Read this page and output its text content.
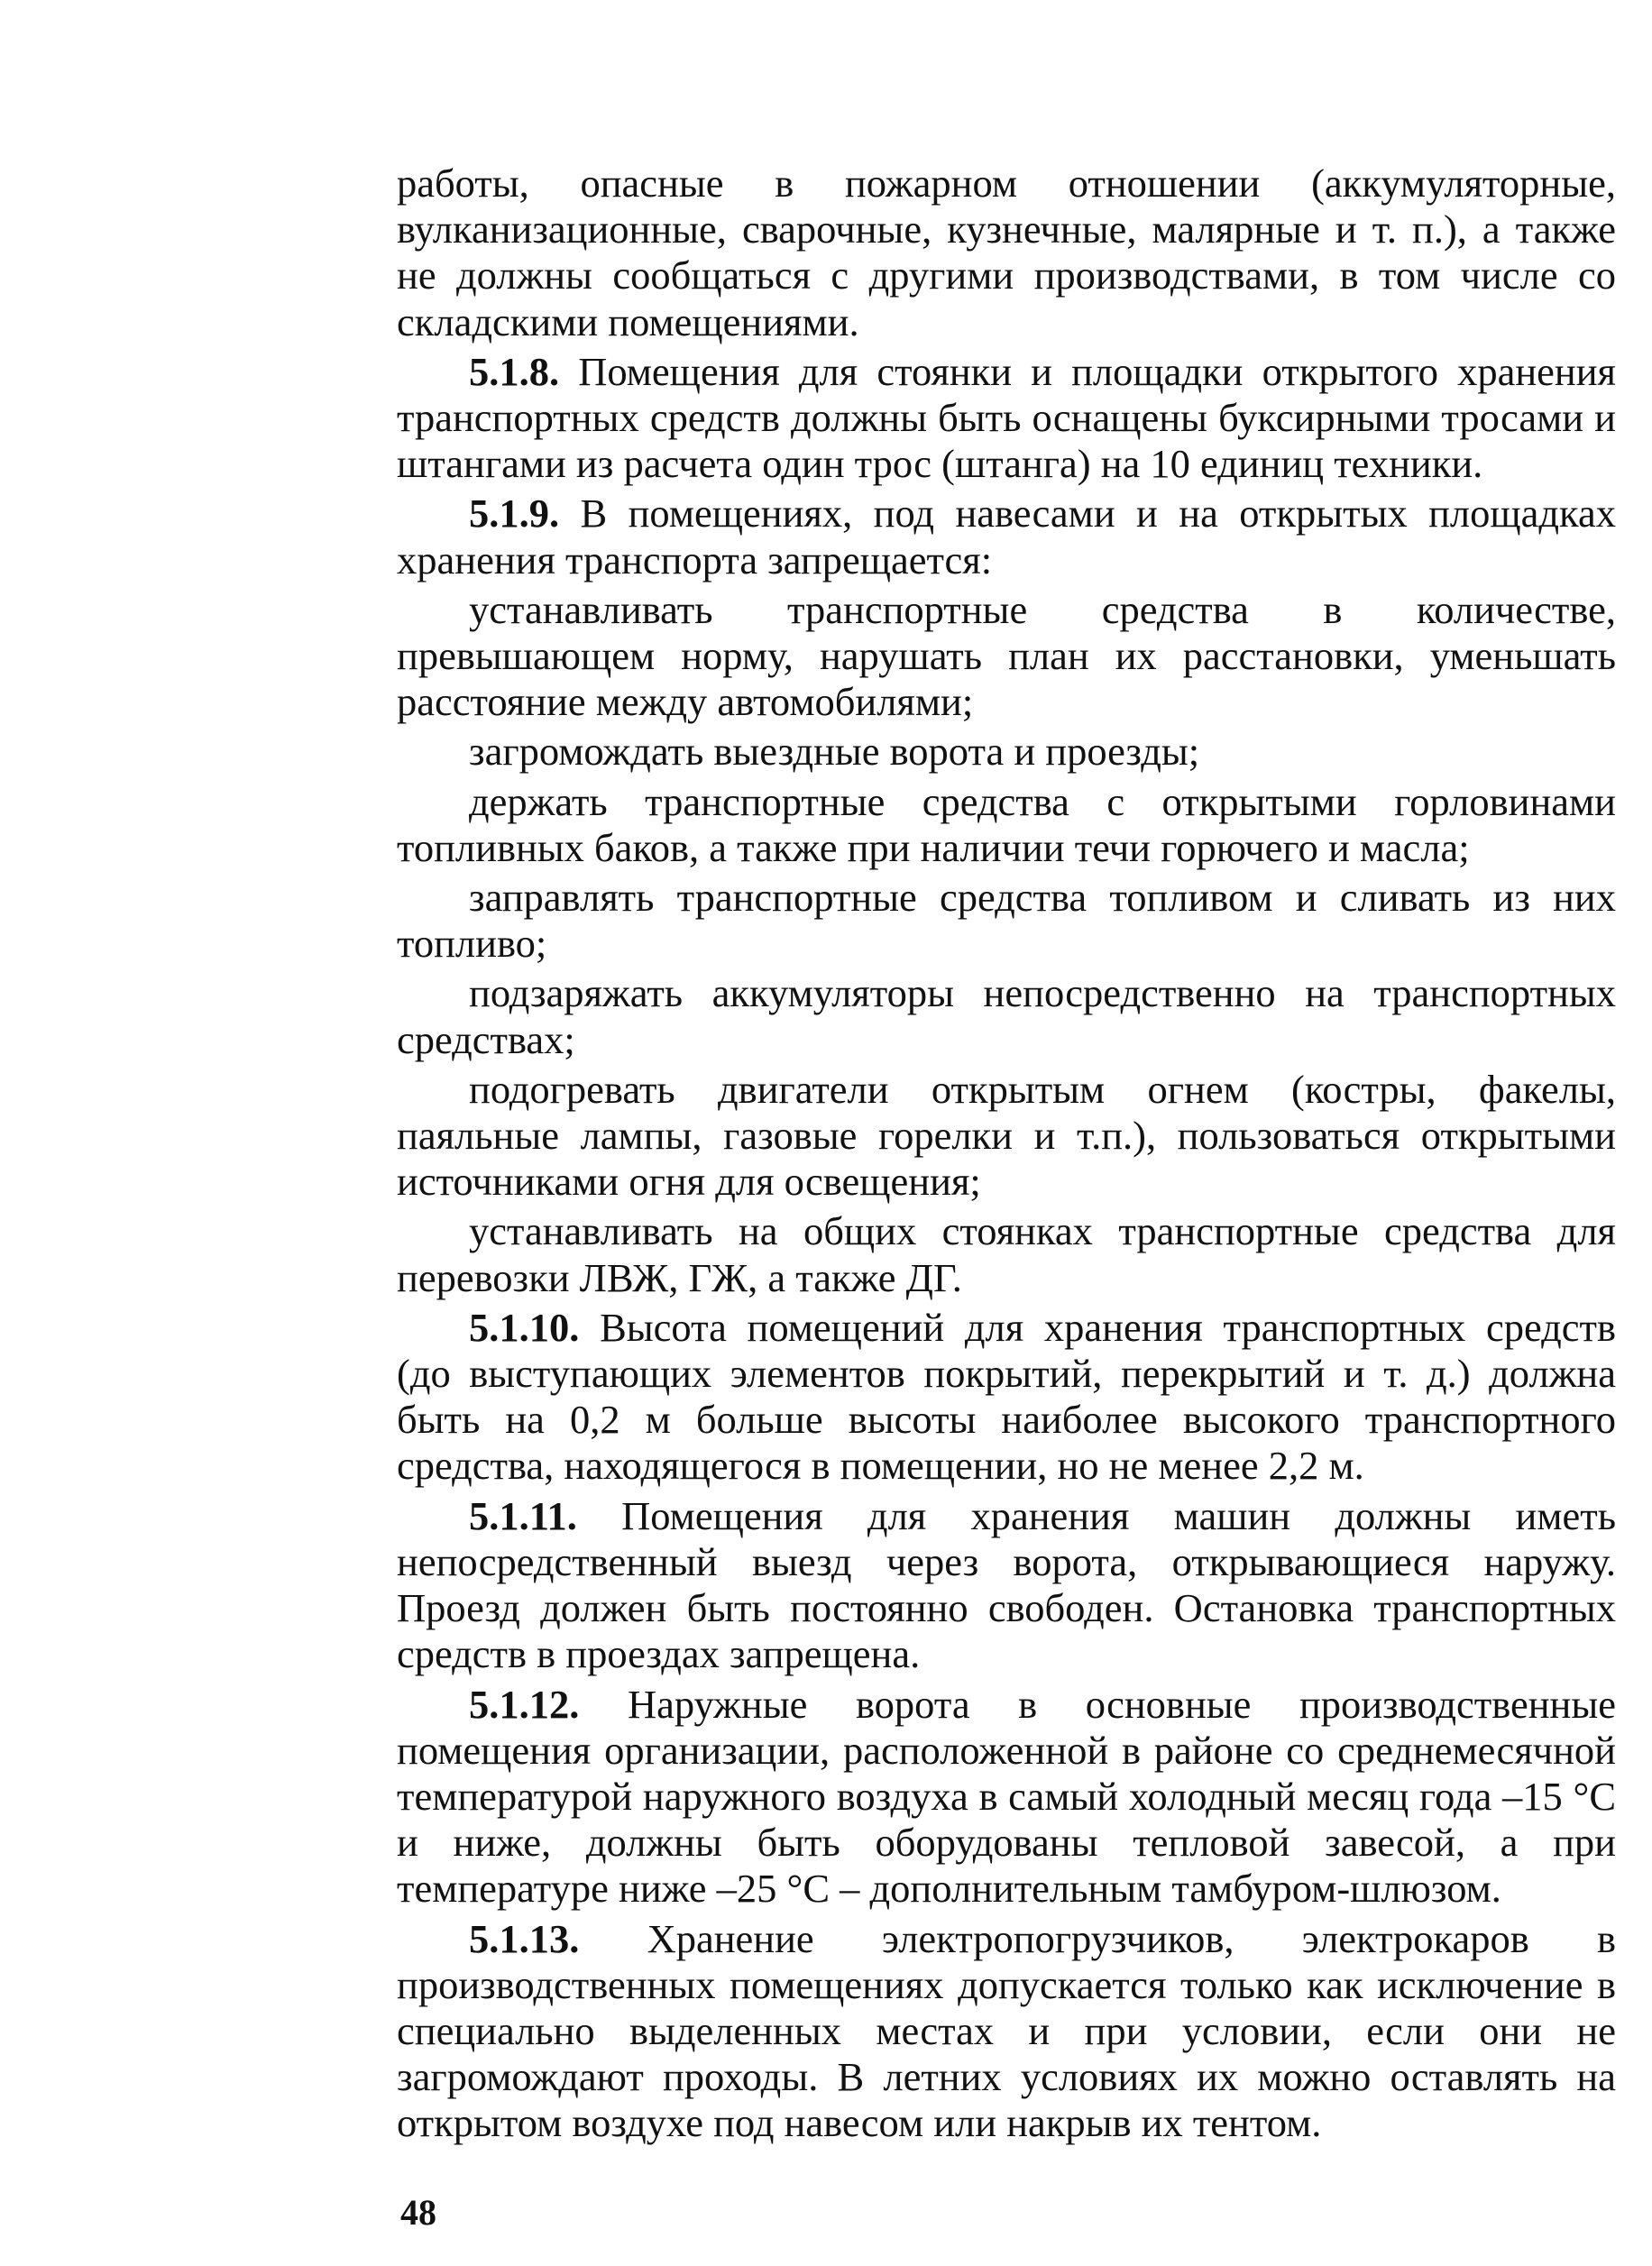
работы, опасные в пожарном отношении (аккумуляторные, вулканизационные, сварочные, кузнечные, малярные и т. п.), а также не должны сообщаться с другими производствами, в том числе со складскими помещениями.

5.1.8. Помещения для стоянки и площадки открытого хранения транспортных средств должны быть оснащены буксирными тросами и штангами из расчета один трос (штанга) на 10 единиц техники.

5.1.9. В помещениях, под навесами и на открытых площадках хранения транспорта запрещается:

устанавливать транспортные средства в количестве, превышающем норму, нарушать план их расстановки, уменьшать расстояние между автомобилями;

загромождать выездные ворота и проезды;

держать транспортные средства с открытыми горловинами топливных баков, а также при наличии течи горючего и масла;

заправлять транспортные средства топливом и сливать из них топливо;

подзаряжать аккумуляторы непосредственно на транспортных средствах;

подогревать двигатели открытым огнем (костры, факелы, паяльные лампы, газовые горелки и т.п.), пользоваться открытыми источниками огня для освещения;

устанавливать на общих стоянках транспортные средства для перевозки ЛВЖ, ГЖ, а также ДГ.

5.1.10. Высота помещений для хранения транспортных средств (до выступающих элементов покрытий, перекрытий и т. д.) должна быть на 0,2 м больше высоты наиболее высокого транспортного средства, находящегося в помещении, но не менее 2,2 м.

5.1.11. Помещения для хранения машин должны иметь непосредственный выезд через ворота, открывающиеся наружу. Проезд должен быть постоянно свободен. Остановка транспортных средств в проездах запрещена.

5.1.12. Наружные ворота в основные производственные помещения организации, расположенной в районе со среднемесячной температурой наружного воздуха в самый холодный месяц года –15 °С и ниже, должны быть оборудованы тепловой завесой, а при температуре ниже –25 °С – дополнительным тамбуром-шлюзом.

5.1.13. Хранение электропогрузчиков, электрокаров в производственных помещениях допускается только как исключение в специально выделенных местах и при условии, если они не загромождают проходы. В летних условиях их можно оставлять на открытом воздухе под навесом или накрыв их тентом.

48
